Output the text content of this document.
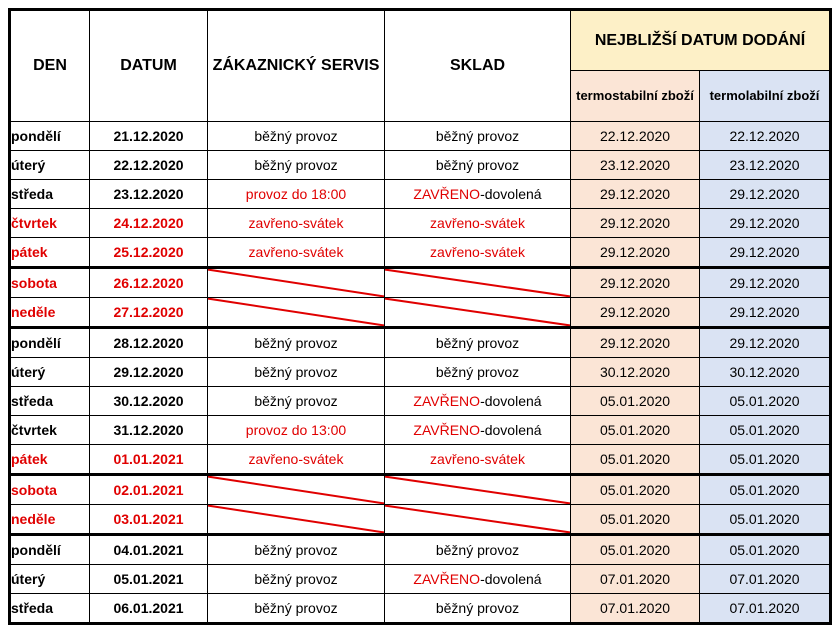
DEN	DATUM	ZÁKAZNICKÝ SERVIS	SKLAD	NEJBLIŽŠÍ DATUM DODÁNÍ	
				termostabilní zboží	termolabilní zboží
pondělí	21.12.2020	běžný provoz	běžný provoz	22.12.2020	22.12.2020
úterý	22.12.2020	běžný provoz	běžný provoz	23.12.2020	23.12.2020
středa	23.12.2020	provoz do 18:00	ZAVŘENO-dovolená	29.12.2020	29.12.2020
čtvrtek	24.12.2020	zavřeno-svátek	zavřeno-svátek	29.12.2020	29.12.2020
pátek	25.12.2020	zavřeno-svátek	zavřeno-svátek	29.12.2020	29.12.2020
sobota	26.12.2020			29.12.2020	29.12.2020
neděle	27.12.2020			29.12.2020	29.12.2020
pondělí	28.12.2020	běžný provoz	běžný provoz	29.12.2020	29.12.2020
úterý	29.12.2020	běžný provoz	běžný provoz	30.12.2020	30.12.2020
středa	30.12.2020	běžný provoz	ZAVŘENO-dovolená	05.01.2020	05.01.2020
čtvrtek	31.12.2020	provoz do 13:00	ZAVŘENO-dovolená	05.01.2020	05.01.2020
pátek	01.01.2021	zavřeno-svátek	zavřeno-svátek	05.01.2020	05.01.2020
sobota	02.01.2021			05.01.2020	05.01.2020
neděle	03.01.2021			05.01.2020	05.01.2020
pondělí	04.01.2021	běžný provoz	běžný provoz	05.01.2020	05.01.2020
úterý	05.01.2021	běžný provoz	ZAVŘENO-dovolená	07.01.2020	07.01.2020
středa	06.01.2021	běžný provoz	běžný provoz	07.01.2020	07.01.2020
